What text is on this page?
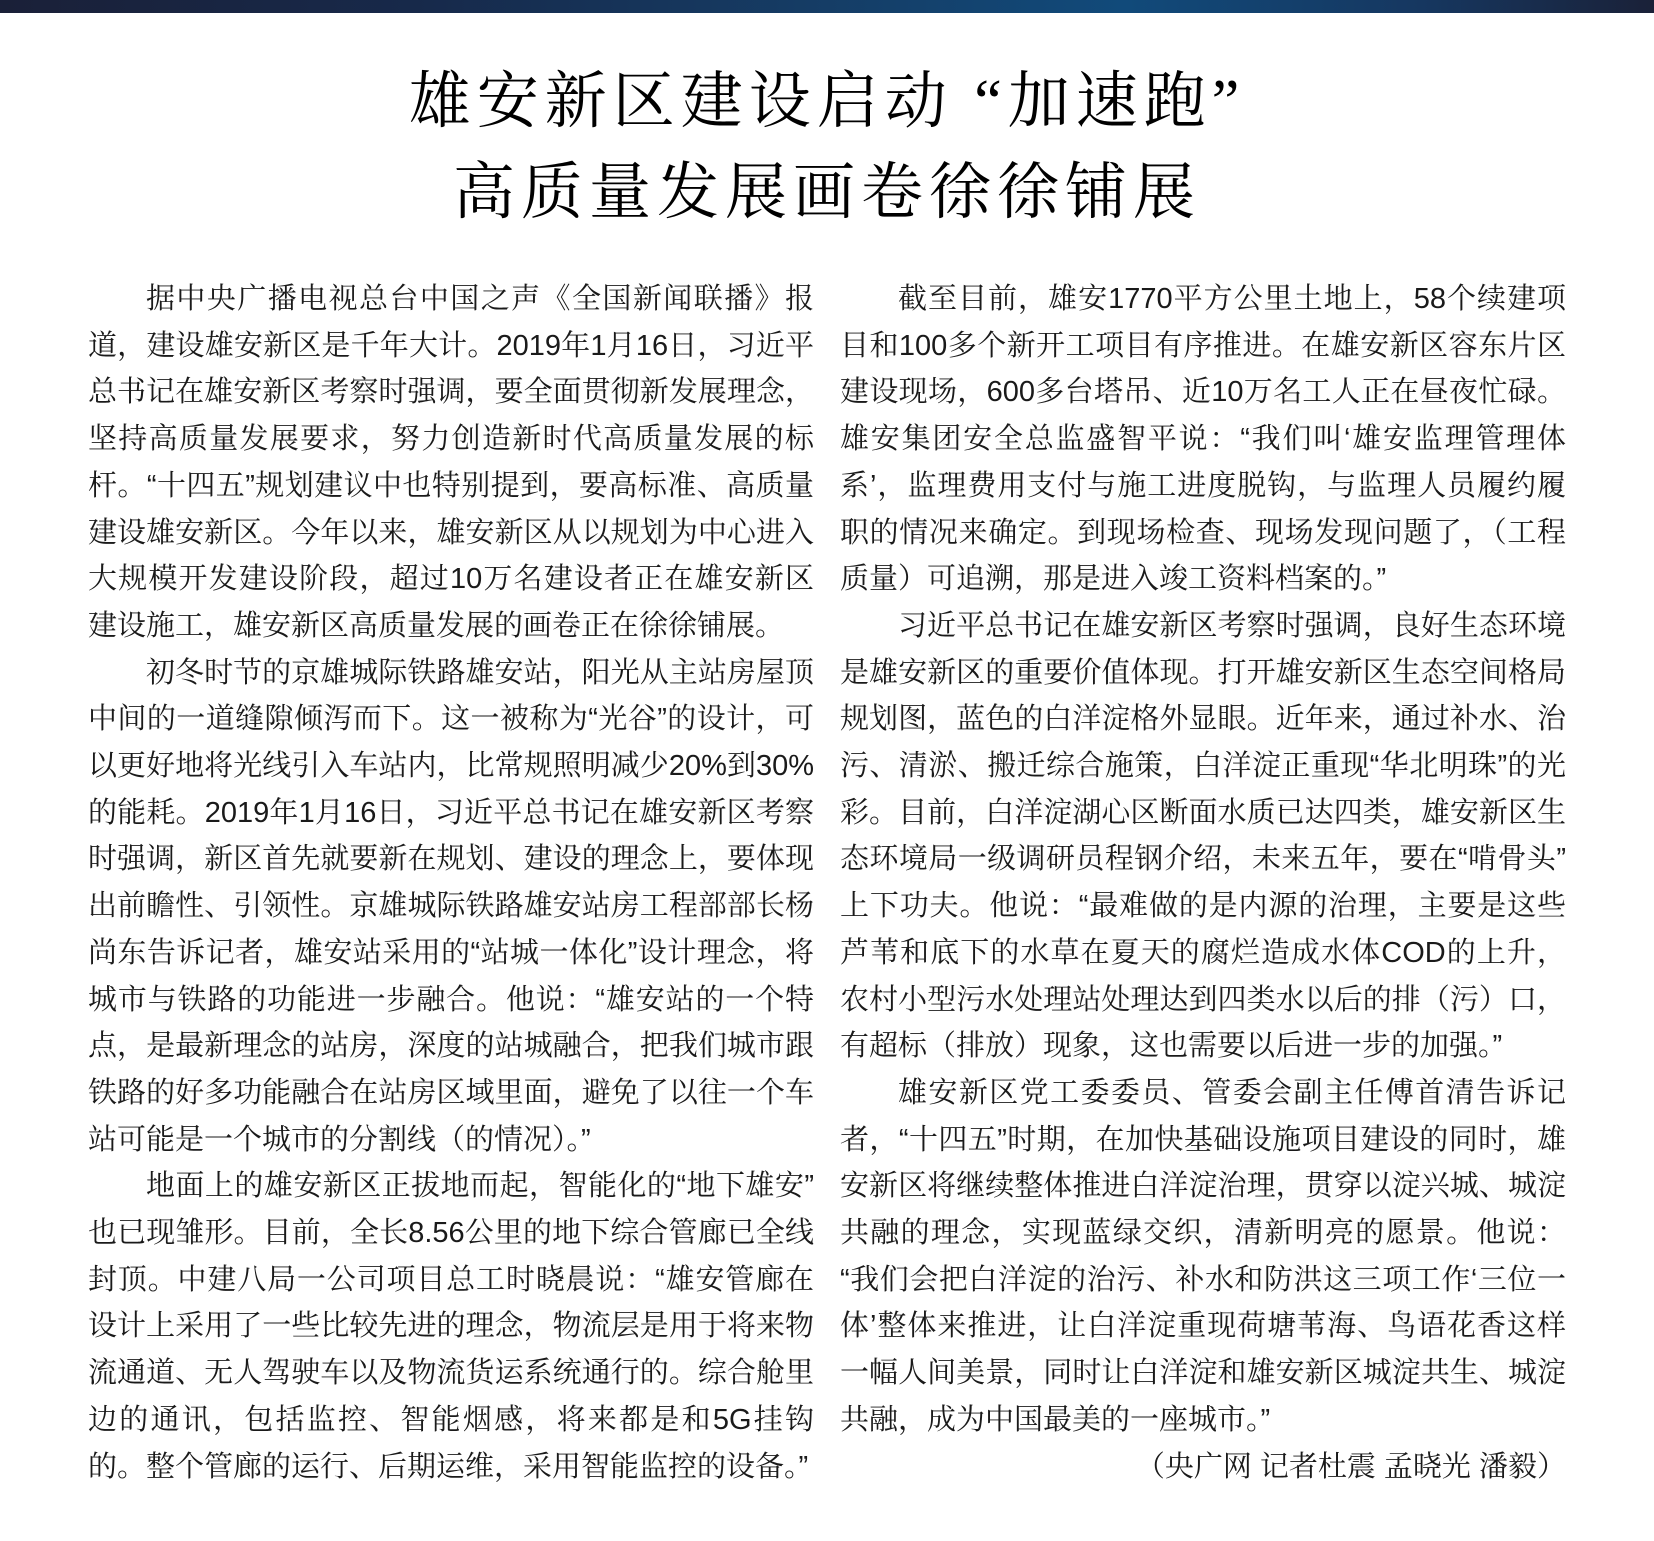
雄安新区建设启动 “加速跑”
高质量发展画卷徐徐铺展

据中央广播电视总台中国之声《全国新闻联播》报道，建设雄安新区是千年大计。2019年1月16日，习近平总书记在雄安新区考察时强调，要全面贯彻新发展理念，坚持高质量发展要求，努力创造新时代高质量发展的标杆。“十四五”规划建议中也特别提到，要高标准、高质量建设雄安新区。今年以来，雄安新区从以规划为中心进入大规模开发建设阶段，超过10万名建设者正在雄安新区建设施工，雄安新区高质量发展的画卷正在徐徐铺展。

初冬时节的京雄城际铁路雄安站，阳光从主站房屋顶中间的一道缝隙倾泻而下。这一被称为“光谷”的设计，可以更好地将光线引入车站内，比常规照明减少20%到30%的能耗。2019年1月16日，习近平总书记在雄安新区考察时强调，新区首先就要新在规划、建设的理念上，要体现出前瞻性、引领性。京雄城际铁路雄安站房工程部部长杨尚东告诉记者，雄安站采用的“站城一体化”设计理念，将城市与铁路的功能进一步融合。他说：“雄安站的一个特点，是最新理念的站房，深度的站城融合，把我们城市跟铁路的好多功能融合在站房区域里面，避免了以往一个车站可能是一个城市的分割线（的情况）。”

地面上的雄安新区正拔地而起，智能化的“地下雄安”也已现雏形。目前，全长8.56公里的地下综合管廊已全线封顶。中建八局一公司项目总工时晓晨说：“雄安管廊在设计上采用了一些比较先进的理念，物流层是用于将来物流通道、无人驾驶车以及物流货运系统通行的。综合舱里边的通讯，包括监控、智能烟感，将来都是和5G挂钩的。整个管廊的运行、后期运维，采用智能监控的设备。”

截至目前，雄安1770平方公里土地上，58个续建项目和100多个新开工项目有序推进。在雄安新区容东片区建设现场，600多台塔吊、近10万名工人正在昼夜忙碌。雄安集团安全总监盛智平说：“我们叫‘雄安监理管理体系’，监理费用支付与施工进度脱钩，与监理人员履约履职的情况来确定。到现场检查、现场发现问题了，（工程质量）可追溯，那是进入竣工资料档案的。”

习近平总书记在雄安新区考察时强调，良好生态环境是雄安新区的重要价值体现。打开雄安新区生态空间格局规划图，蓝色的白洋淀格外显眼。近年来，通过补水、治污、清淤、搬迁综合施策，白洋淀正重现“华北明珠”的光彩。目前，白洋淀湖心区断面水质已达四类，雄安新区生态环境局一级调研员程钢介绍，未来五年，要在“啃骨头”上下功夫。他说：“最难做的是内源的治理，主要是这些芦苇和底下的水草在夏天的腐烂造成水体COD的上升，农村小型污水处理站处理达到四类水以后的排（污）口，有超标（排放）现象，这也需要以后进一步的加强。”

雄安新区党工委委员、管委会副主任傅首清告诉记者，“十四五”时期，在加快基础设施项目建设的同时，雄安新区将继续整体推进白洋淀治理，贯穿以淀兴城、城淀共融的理念，实现蓝绿交织，清新明亮的愿景。他说：“我们会把白洋淀的治污、补水和防洪这三项工作‘三位一体’整体来推进，让白洋淀重现荷塘苇海、鸟语花香这样一幅人间美景，同时让白洋淀和雄安新区城淀共生、城淀共融，成为中国最美的一座城市。”

（央广网 记者杜震 孟晓光 潘毅）
